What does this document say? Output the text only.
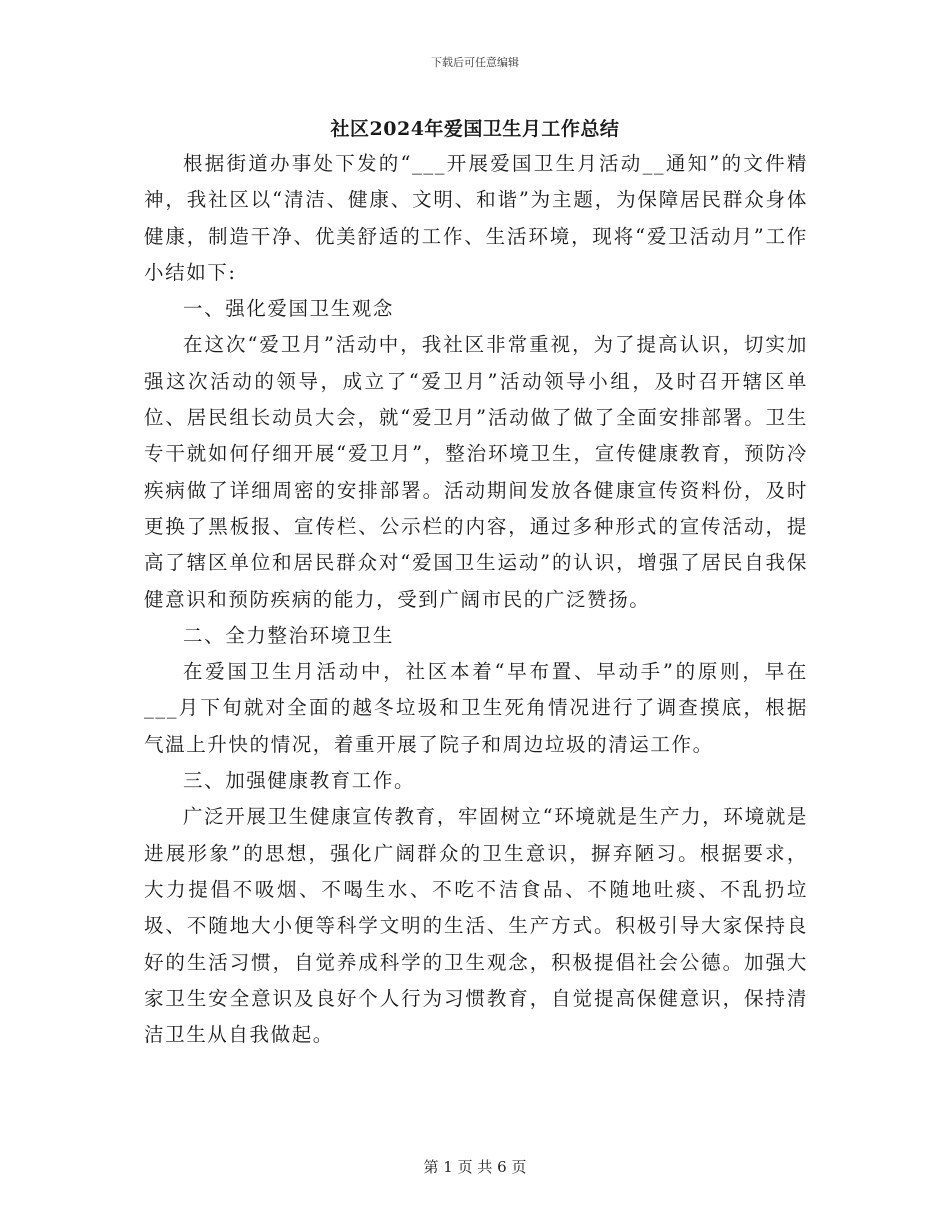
下载后可任意编辑
社区2024年爱国卫生月工作总结

根据街道办事处下发的“___开展爱国卫生月活动__通知”的文件精神，我社区以“清洁、健康、文明、和谐”为主题，为保障居民群众身体健康，制造干净、优美舒适的工作、生活环境，现将“爱卫活动月”工作小结如下:

一、强化爱国卫生观念

在这次“爱卫月”活动中，我社区非常重视，为了提高认识，切实加强这次活动的领导，成立了“爱卫月”活动领导小组，及时召开辖区单位、居民组长动员大会，就“爱卫月”活动做了做了全面安排部署。卫生专干就如何仔细开展“爱卫月”，整治环境卫生，宣传健康教育，预防冷疾病做了详细周密的安排部署。活动期间发放各健康宣传资料份，及时更换了黑板报、宣传栏、公示栏的内容，通过多种形式的宣传活动，提高了辖区单位和居民群众对“爱国卫生运动”的认识，增强了居民自我保健意识和预防疾病的能力，受到广阔市民的广泛赞扬。

二、全力整治环境卫生

在爱国卫生月活动中，社区本着“早布置、早动手”的原则，早在___月下旬就对全面的越冬垃圾和卫生死角情况进行了调查摸底，根据气温上升快的情况，着重开展了院子和周边垃圾的清运工作。

三、加强健康教育工作。

广泛开展卫生健康宣传教育，牢固树立“环境就是生产力，环境就是进展形象”的思想，强化广阔群众的卫生意识，摒弃陋习。根据要求，大力提倡不吸烟、不喝生水、不吃不洁食品、不随地吐痰、不乱扔垃圾、不随地大小便等科学文明的生活、生产方式。积极引导大家保持良好的生活习惯，自觉养成科学的卫生观念，积极提倡社会公德。加强大家卫生安全意识及良好个人行为习惯教育，自觉提高保健意识，保持清洁卫生从自我做起。

第 1 页 共 6 页
